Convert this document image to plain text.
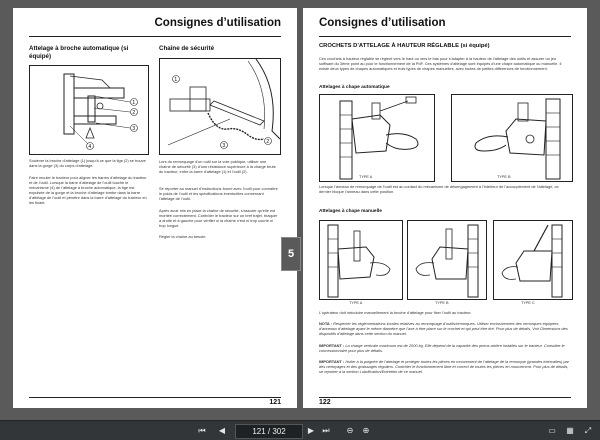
Consignes d’utilisation
Attelage à broche automatique (si équipé)
1
2
3
4
Soulever la broche d’attelage (1) jusqu’à ce que la tige (2) se trouve dans la gorge (3) du corps d’attelage.
Faire reculer le tracteur pour aligner les barres d’attelage du tracteur et de l’outil. Lorsque la barre d’attelage de l’outil touche le mécanisme (4) de l’attelage à broche automatique, la tige est expulsée de la gorge et la broche d’attelage tombe dans la barre d’attelage de l’outil et pénètre dans la barre d’attelage du tracteur en les fixant.
Chaîne de sécurité
1
2
3
Lors du remorquage d’un outil sur la voie publique, utiliser une chaîne de sécurité (3) d’une résistance supérieure à la charge brute du tracteur, entre la barre d’attelage (1) et l’outil (2).
Se reporter au manuel d’instructions fourni avec l’outil pour connaître le poids de l’outil et les spécifications éventuelles concernant l’attelage de l’outil.
Après avoir mis en place la chaîne de sécurité, s’assurer qu’elle est montée correctement. Contrôler le tracteur sur un bref trajet, braquer à droite et à gauche pour vérifier si la chaîne n’est ni trop courte ni trop longue.
Régler la chaîne au besoin.
121
5
Consignes d’utilisation
CROCHETS D’ATTELAGE À HAUTEUR RÉGLABLE (si équipé)
Ces crochets à hauteur réglable se règlent vers le haut ou vers le bas pour s’adapter à la hauteur de l’attelage des outils et assurer un jeu suffisant du 3ème point au pour le fonctionnement de la PdF. Ces systèmes d’attelage sont équipés d’une chape automatique ou manuelle. Il existe deux types de chapes automatiques et trois types de chapes manuelles, avec toutes de petites différences de fonctionnement.
Attelages à chape automatique
TYPE A	TYPE B
Lorsque l’anneau de remorquage de l’outil est au contact du mécanisme de désengagement à l’intérieur de l’accouplement de l’attelage, ce dernier bloque l’anneau dans cette position.
Attelages à chape manuelle
TYPE A	TYPE B	TYPE C
L’opérateur doit introduire manuellement la broche d’attelage pour fixer l’outil au tracteur.
NOTA : Respecter les réglementations locales relatives au remorquage d’outils/remorques. Utiliser exclusivement des remorques équipées d’anneaux d’attelage ayant le même diamètre que l’axe à être placé sur le crochet et qui peut être tiré. Pour plus de détails, Voir Dimensions des dispositifs d’attelage dans cette section du manuel.
IMPORTANT : La charge verticale maximum est de 2000 kg. Elle dépend de la capacité des pneus arrière installés sur le tracteur. Consulter le concessionnaire pour plus de détails.
IMPORTANT : Huiler à la poignée de l’attelage et protéger toutes les pièces en mouvement de l’attelage de la remorque (grandes intervalles) par des nettoyages et des graissages réguliers. Contrôler le fonctionnement libre et correct de toutes les pièces en mouvement. Pour plus de détails, se reporter à la section Lubrification/Entretien de ce manuel.
122
⏮ ◀	121 / 302	▶ ⏭ ⊖ ⊕	▭ ▦ ⤢
